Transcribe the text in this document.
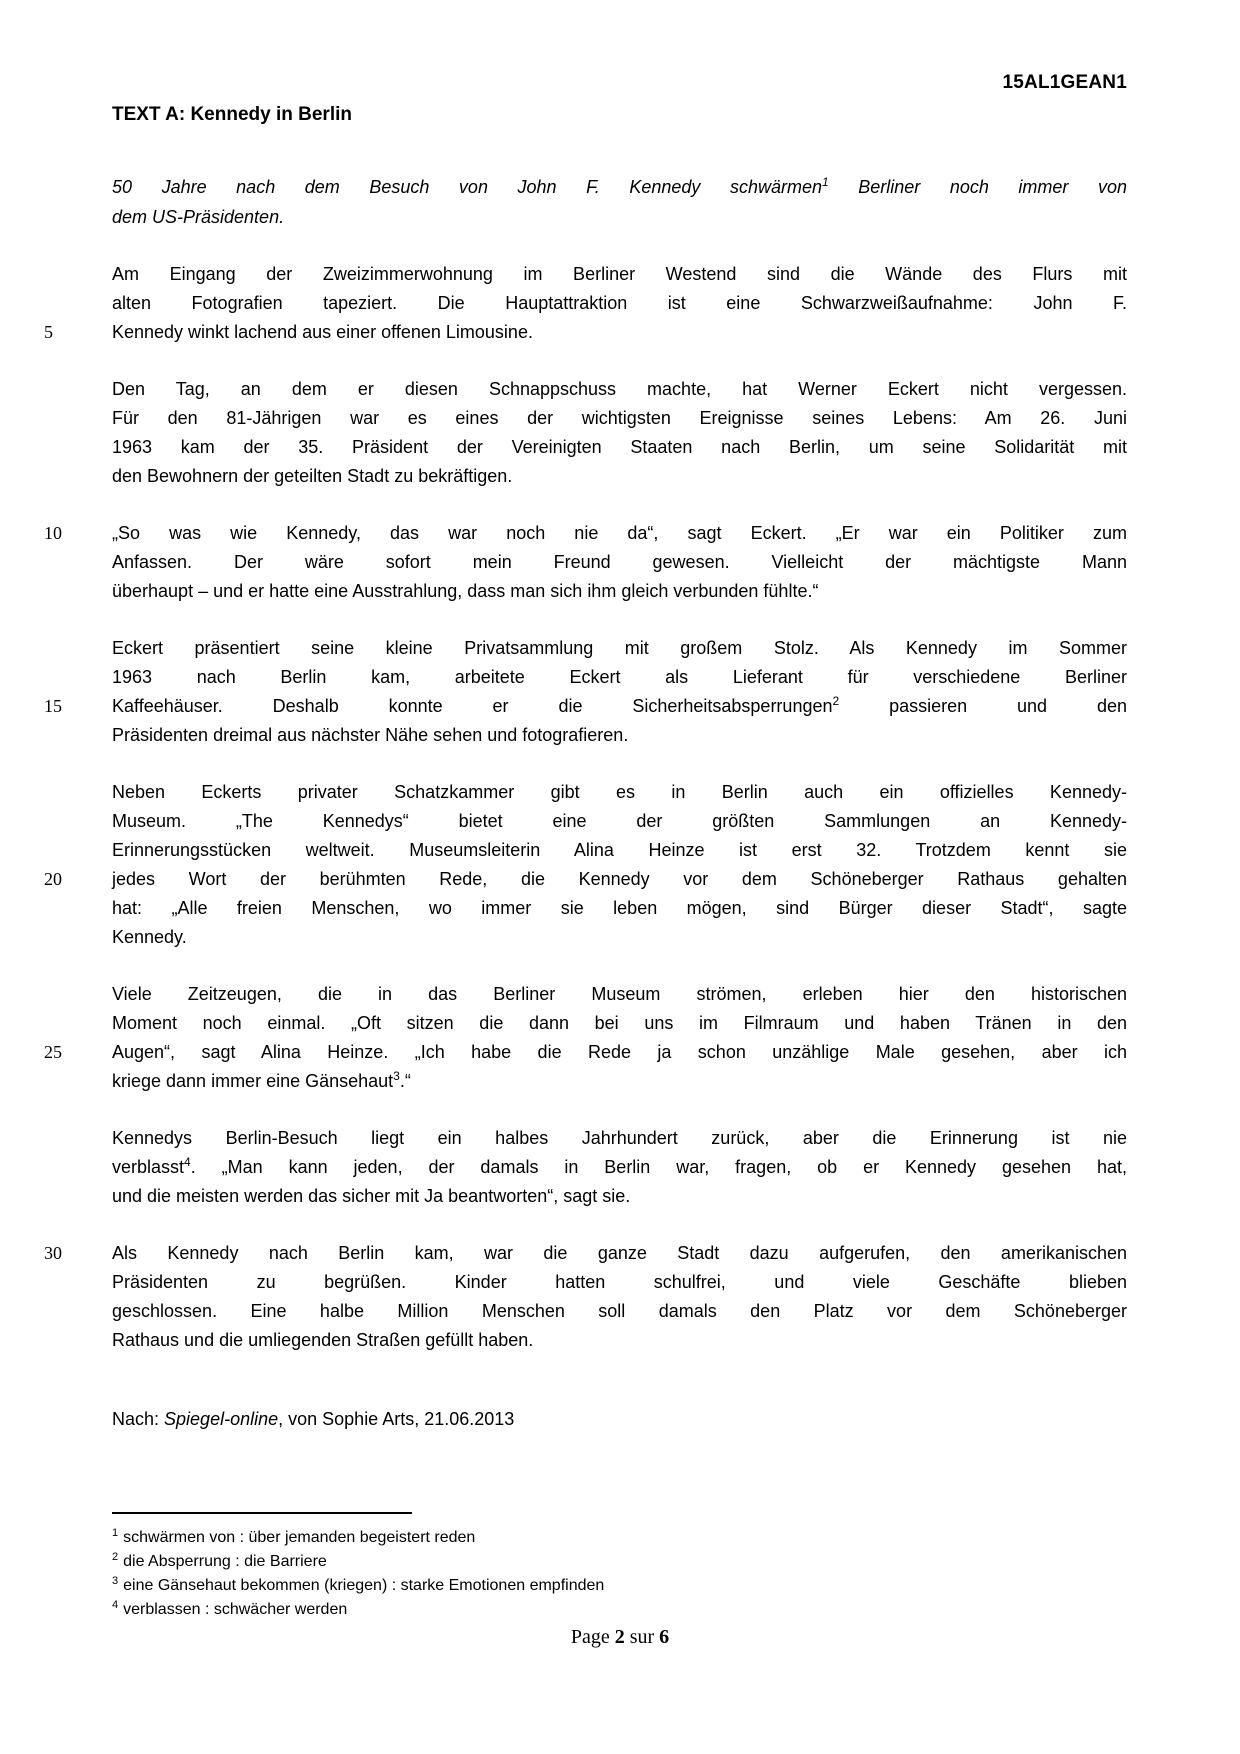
15AL1GEAN1
TEXT A: Kennedy in Berlin
50 Jahre nach dem Besuch von John F. Kennedy schwärmen$^1$ Berliner noch immer von
dem US-Präsidenten.
Am Eingang der Zweizimmerwohnung im Berliner Westend sind die Wände des Flurs mit
alten Fotografien tapeziert. Die Hauptattraktion ist eine Schwarzweißaufnahme: John F.
5	Kennedy winkt lachend aus einer offenen Limousine.
Den Tag, an dem er diesen Schnappschuss machte, hat Werner Eckert nicht vergessen.
Für den 81-Jährigen war es eines der wichtigsten Ereignisse seines Lebens: Am 26. Juni
1963 kam der 35. Präsident der Vereinigten Staaten nach Berlin, um seine Solidarität mit
den Bewohnern der geteilten Stadt zu bekräftigen.
10	„So was wie Kennedy, das war noch nie da“, sagt Eckert. „Er war ein Politiker zum
Anfassen. Der wäre sofort mein Freund gewesen. Vielleicht der mächtigste Mann
überhaupt – und er hatte eine Ausstrahlung, dass man sich ihm gleich verbunden fühlte.“
Eckert präsentiert seine kleine Privatsammlung mit großem Stolz. Als Kennedy im Sommer
1963 nach Berlin kam, arbeitete Eckert als Lieferant für verschiedene Berliner
15	Kaffeehäuser. Deshalb konnte er die Sicherheitsabsperrungen$^2$ passieren und den
Präsidenten dreimal aus nächster Nähe sehen und fotografieren.
Neben Eckerts privater Schatzkammer gibt es in Berlin auch ein offizielles Kennedy-
Museum. „The Kennedys“ bietet eine der größten Sammlungen an Kennedy-
Erinnerungsstücken weltweit. Museumsleiterin Alina Heinze ist erst 32. Trotzdem kennt sie
20	jedes Wort der berühmten Rede, die Kennedy vor dem Schöneberger Rathaus gehalten
hat: „Alle freien Menschen, wo immer sie leben mögen, sind Bürger dieser Stadt“, sagte
Kennedy.
Viele Zeitzeugen, die in das Berliner Museum strömen, erleben hier den historischen
Moment noch einmal. „Oft sitzen die dann bei uns im Filmraum und haben Tränen in den
25	Augen“, sagt Alina Heinze. „Ich habe die Rede ja schon unzählige Male gesehen, aber ich
kriege dann immer eine Gänsehaut$^3$.“
Kennedys Berlin-Besuch liegt ein halbes Jahrhundert zurück, aber die Erinnerung ist nie
verblasst$^4$. „Man kann jeden, der damals in Berlin war, fragen, ob er Kennedy gesehen hat,
und die meisten werden das sicher mit Ja beantworten“, sagt sie.
30	Als Kennedy nach Berlin kam, war die ganze Stadt dazu aufgerufen, den amerikanischen
Präsidenten zu begrüßen. Kinder hatten schulfrei, und viele Geschäfte blieben
geschlossen. Eine halbe Million Menschen soll damals den Platz vor dem Schöneberger
Rathaus und die umliegenden Straßen gefüllt haben.
Nach: Spiegel-online, von Sophie Arts, 21.06.2013
$^1$ schwärmen von : über jemanden begeistert reden
$^2$ die Absperrung : die Barriere
$^3$ eine Gänsehaut bekommen (kriegen) : starke Emotionen empfinden
$^4$ verblassen : schwächer werden
Page 2 sur 6
